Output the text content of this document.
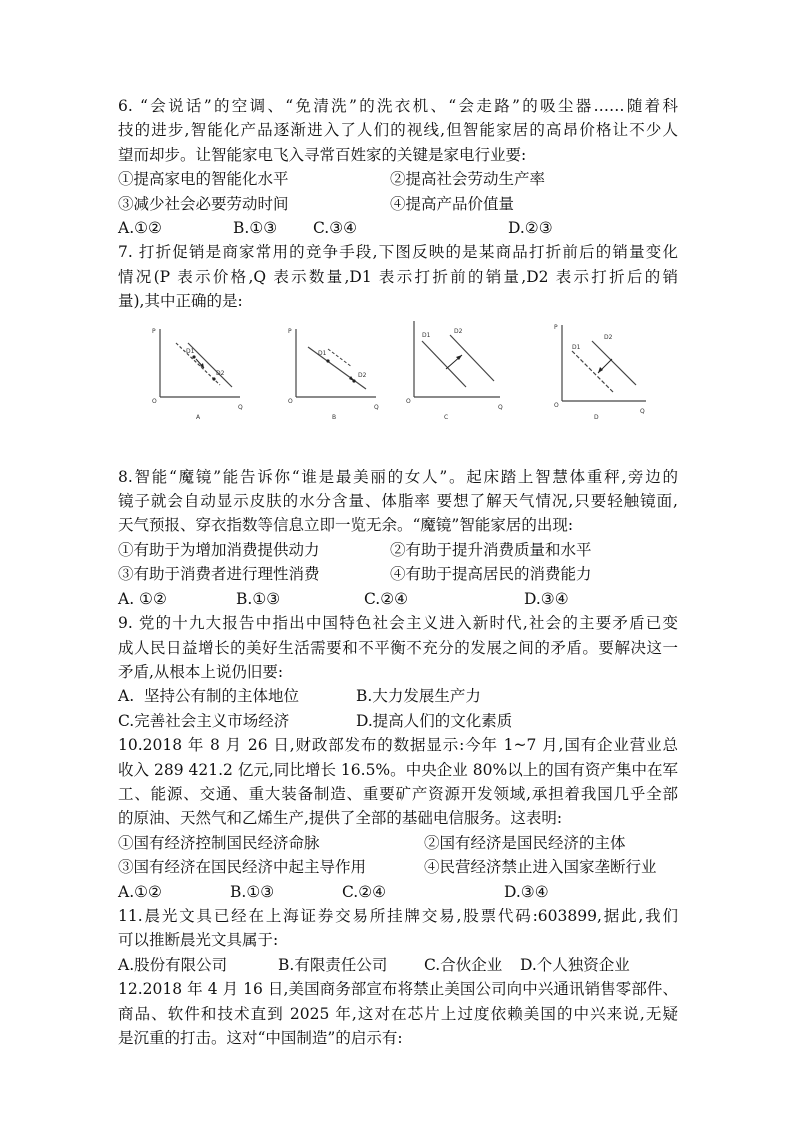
6. “会说话”的空调、“免清洗”的洗衣机、“会走路”的吸尘器……随着科
技的进步,智能化产品逐渐进入了人们的视线,但智能家居的高昂价格让不少人
望而却步。让智能家电飞入寻常百姓家的关键是家电行业要:
①提高家电的智能化水平	②提高社会劳动生产率
③减少社会必要劳动时间	④提高产品价值量
A.①②	B.①③	C.③④	D.②③
7. 打折促销是商家常用的竞争手段,下图反映的是某商品打折前后的销量变化
情况(P 表示价格,Q 表示数量,D1 表示打折前的销量,D2 表示打折后的销
量),其中正确的是:
P
Q
O
D1
D2
A
P
Q
O
D1
D2
B
Q
O
D1
D2
C
P
Q
O
D1
D2
D
8.智能“魔镜”能告诉你“谁是最美丽的女人”。起床踏上智慧体重秤,旁边的
镜子就会自动显示皮肤的水分含量、体脂率 要想了解天气情况,只要轻触镜面,
天气预报、穿衣指数等信息立即一览无余。“魔镜”智能家居的出现:
①有助于为增加消费提供动力	②有助于提升消费质量和水平
③有助于消费者进行理性消费	④有助于提高居民的消费能力
A. ①②	B.①③	C.②④	D.③④
9. 党的十九大报告中指出中国特色社会主义进入新时代,社会的主要矛盾已变
成人民日益增长的美好生活需要和不平衡不充分的发展之间的矛盾。要解决这一
矛盾,从根本上说仍旧要:
A.  坚持公有制的主体地位	B.大力发展生产力
C.完善社会主义市场经济	D.提高人们的文化素质
10.2018 年 8 月 26 日,财政部发布的数据显示:今年 1~7 月,国有企业营业总
收入 289 421.2 亿元,同比增长 16.5%。中央企业 80%以上的国有资产集中在军
工、能源、交通、重大装备制造、重要矿产资源开发领域,承担着我国几乎全部
的原油、天然气和乙烯生产,提供了全部的基础电信服务。这表明:
①国有经济控制国民经济命脉	②国有经济是国民经济的主体
③国有经济在国民经济中起主导作用	④民营经济禁止进入国家垄断行业
A.①②	B.①③	C.②④	D.③④
11.晨光文具已经在上海证券交易所挂牌交易,股票代码:603899,据此,我们
可以推断晨光文具属于:
A.股份有限公司	B.有限责任公司	C.合伙企业	D.个人独资企业
12.2018 年 4 月 16 日,美国商务部宣布将禁止美国公司向中兴通讯销售零部件、
商品、软件和技术直到 2025 年,这对在芯片上过度依赖美国的中兴来说,无疑
是沉重的打击。这对“中国制造”的启示有:
